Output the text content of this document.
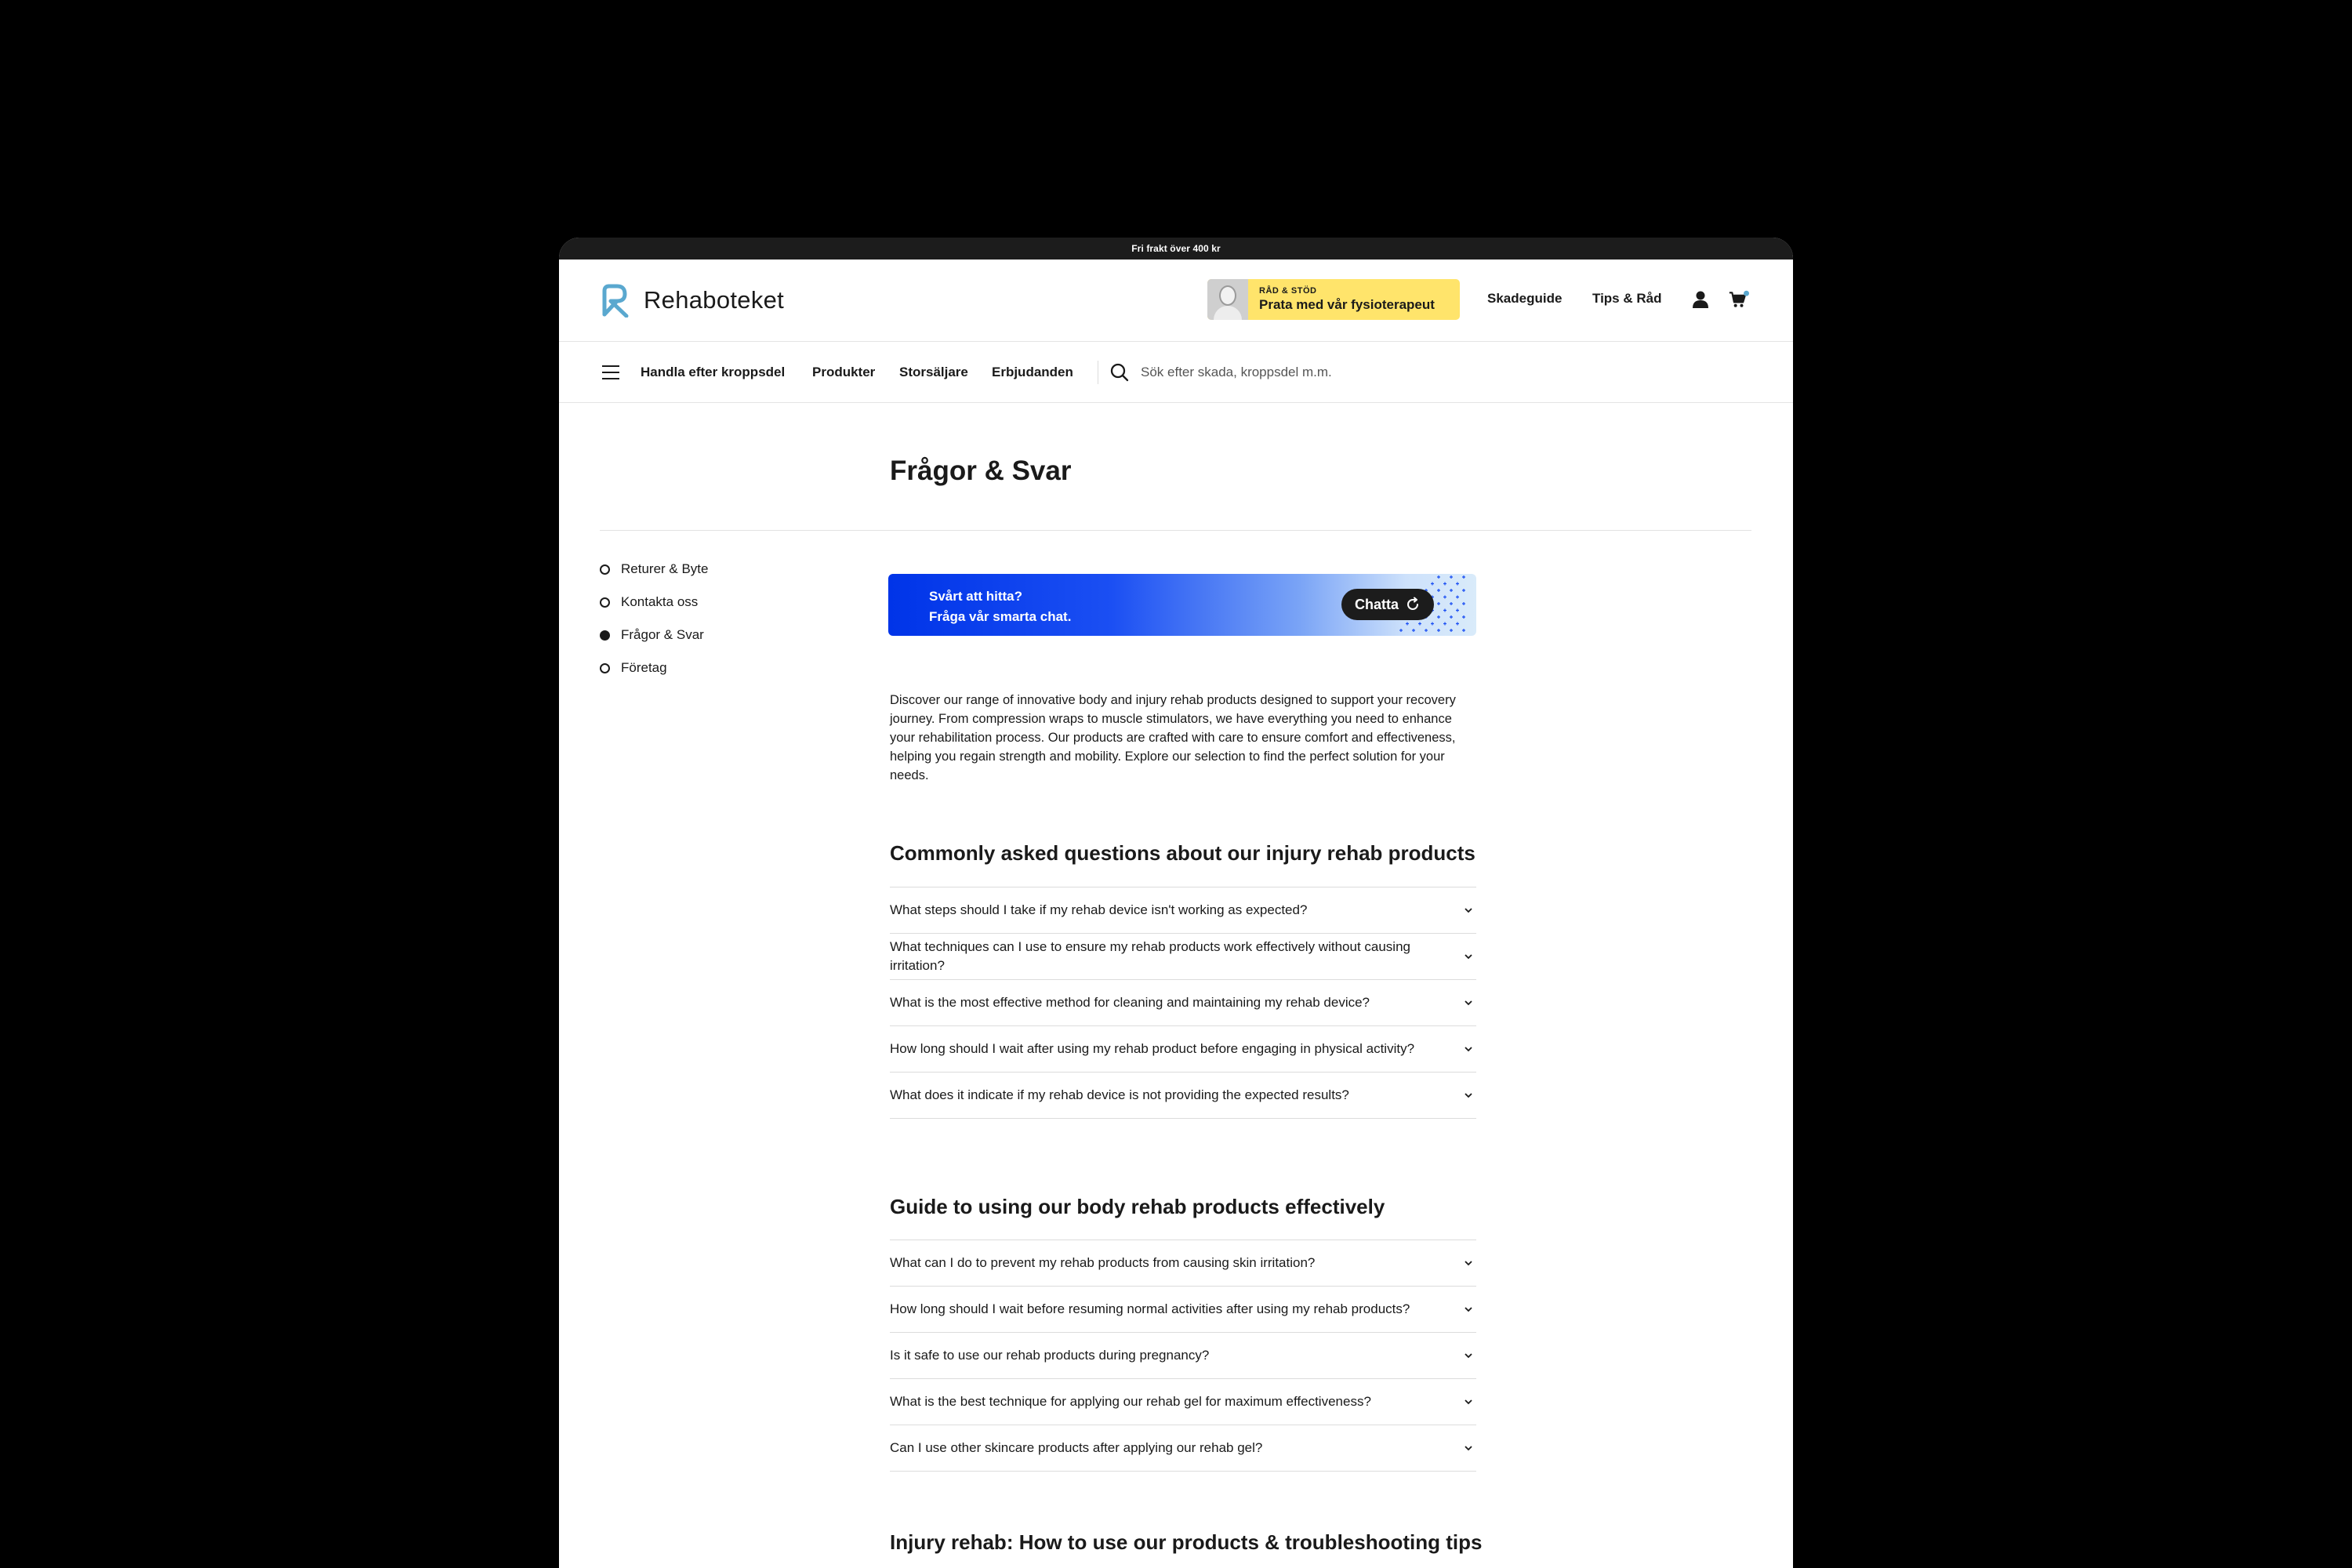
Fri frakt över 400 kr
Rehaboteket	RÅD & STÖD
Prata med vår fysioterapeut	Skadeguide Tips & Råd
Handla efter kroppsdel Produkter Storsäljare Erbjudanden	Sök efter skada, kroppsdel m.m.
Frågor & Svar
Returer & Byte
Kontakta oss
Frågor & Svar
Företag
Svårt att hitta?
Fråga vår smarta chat.
Chatta

Discover our range of innovative body and injury rehab products designed to support your recovery journey. From compression wraps to muscle stimulators, we have everything you need to enhance your rehabilitation process. Our products are crafted with care to ensure comfort and effectiveness, helping you regain strength and mobility. Explore our selection to find the perfect solution for your needs.

Commonly asked questions about our injury rehab products
What steps should I take if my rehab device isn't working as expected?
What techniques can I use to ensure my rehab products work effectively without causing irritation?
What is the most effective method for cleaning and maintaining my rehab device?
How long should I wait after using my rehab product before engaging in physical activity?
What does it indicate if my rehab device is not providing the expected results?
Guide to using our body rehab products effectively
What can I do to prevent my rehab products from causing skin irritation?
How long should I wait before resuming normal activities after using my rehab products?
Is it safe to use our rehab products during pregnancy?
What is the best technique for applying our rehab gel for maximum effectiveness?
Can I use other skincare products after applying our rehab gel?
Injury rehab: How to use our products & troubleshooting tips
